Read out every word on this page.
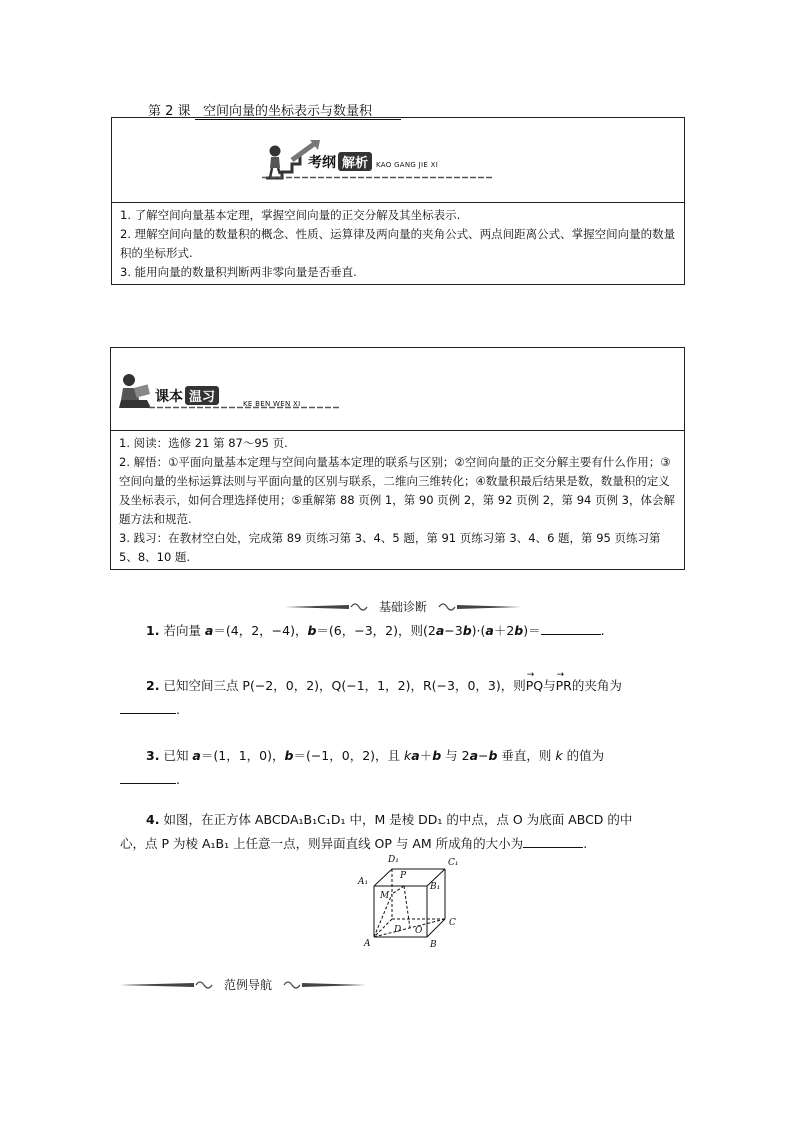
第 2 课 空间向量的坐标表示与数量积
考纲 解析 KAO GANG JIE XI

1. 了解空间向量基本定理，掌握空间向量的正交分解及其坐标表示.

2. 理解空间向量的数量积的概念、性质、运算律及两向量的夹角公式、两点间距离公式、掌握空间向量的数量积的坐标形式.

3. 能用向量的数量积判断两非零向量是否垂直.

课本 温习	KE BEN WEN XI

1. 阅读：选修 21 第 87～95 页.

2. 解悟：①平面向量基本定理与空间向量基本定理的联系与区别；②空间向量的正交分解主要有什么作用；③空间向量的坐标运算法则与平面向量的区别与联系，二维向三维转化；④数量积最后结果是数，数量积的定义及坐标表示，如何合理选择使用；⑤重解第 88 页例 1，第 90 页例 2，第 92 页例 2，第 94 页例 3，体会解题方法和规范.

3. 践习：在教材空白处，完成第 89 页练习第 3、4、5 题，第 91 页练习第 3、4、6 题，第 95 页练习第 5、8、10 题.

基础诊断

1. 若向量 a＝(4，2，−4)，b＝(6，−3，2)，则(2a−3b)·(a＋2b)＝	.

2. 已知空间三点 P(−2，0，2)，Q(−1，1，2)，R(−3，0，3)，则→ PQ与→ PR的夹角为

.

3. 已知 a＝(1，1，0)，b＝(−1，0，2)，且 ka＋b 与 2a−b 垂直，则 k 的值为

.

4. 如图，在正方体 ABCDA₁B₁C₁D₁ 中，M 是棱 DD₁ 的中点，点 O 为底面 ABCD 的中

心，点 P 为棱 A₁B₁ 上任意一点，则异面直线 OP 与 AM 所成角的大小为	.

D₁	C₁
A₁	B₁
P
M
C
A
D O
B
范例导航
